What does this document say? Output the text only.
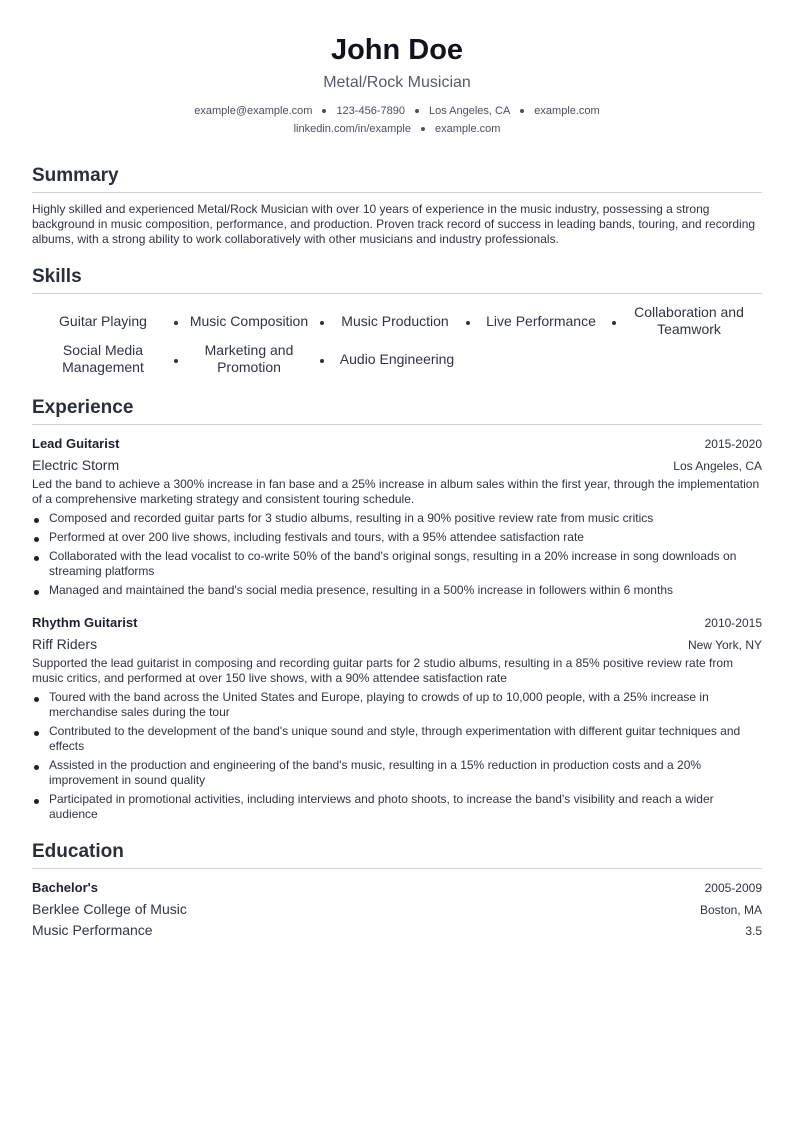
John Doe
Metal/Rock Musician
example@example.com 123-456-7890 Los Angeles, CA example.com
linkedin.com/in/example example.com
Summary
Highly skilled and experienced Metal/Rock Musician with over 10 years of experience in the music industry, possessing a strong background in music composition, performance, and production. Proven track record of success in leading bands, touring, and recording albums, with a strong ability to work collaboratively with other musicians and industry professionals.
Skills
Guitar Playing	Music Composition	Music Production	Live Performance
Collaboration and Teamwork
Social Media Management
Marketing and Promotion
Audio Engineering
Experience
Lead Guitarist	2015-2020
Electric Storm	Los Angeles, CA
Led the band to achieve a 300% increase in fan base and a 25% increase in album sales within the first year, through the implementation of a comprehensive marketing strategy and consistent touring schedule.
Composed and recorded guitar parts for 3 studio albums, resulting in a 90% positive review rate from music critics
Performed at over 200 live shows, including festivals and tours, with a 95% attendee satisfaction rate
Collaborated with the lead vocalist to co-write 50% of the band's original songs, resulting in a 20% increase in song downloads on streaming platforms
Managed and maintained the band's social media presence, resulting in a 500% increase in followers within 6 months
Rhythm Guitarist	2010-2015
Riff Riders	New York, NY
Supported the lead guitarist in composing and recording guitar parts for 2 studio albums, resulting in a 85% positive review rate from music critics, and performed at over 150 live shows, with a 90% attendee satisfaction rate
Toured with the band across the United States and Europe, playing to crowds of up to 10,000 people, with a 25% increase in merchandise sales during the tour
Contributed to the development of the band's unique sound and style, through experimentation with different guitar techniques and effects
Assisted in the production and engineering of the band's music, resulting in a 15% reduction in production costs and a 20% improvement in sound quality
Participated in promotional activities, including interviews and photo shoots, to increase the band's visibility and reach a wider audience
Education
Bachelor's	2005-2009
Berklee College of Music	Boston, MA
Music Performance	3.5
